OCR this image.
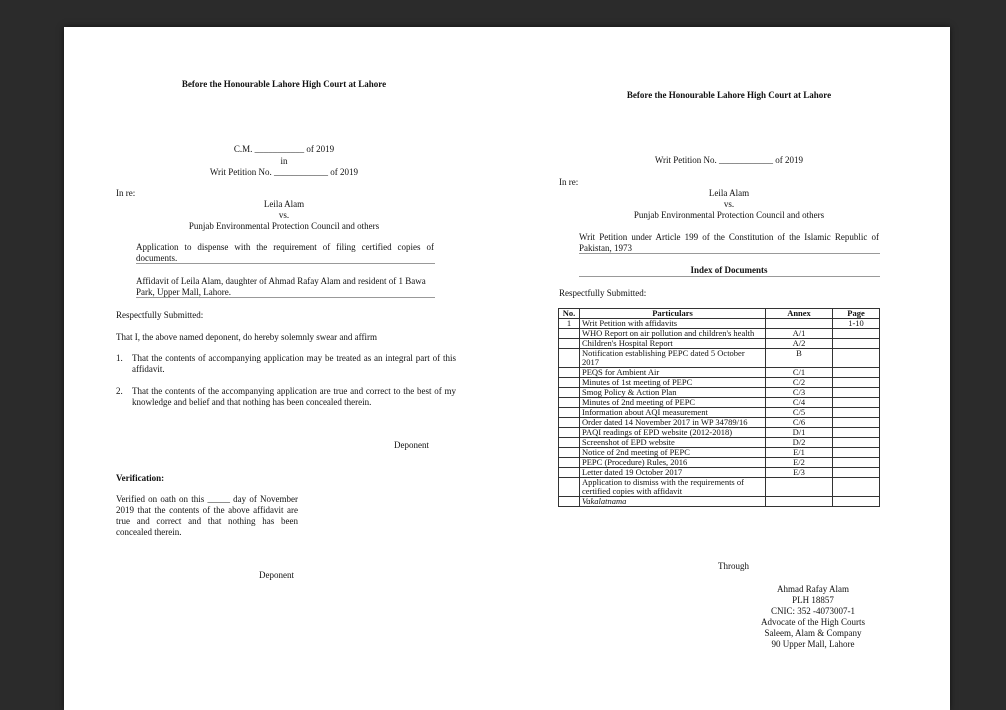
Before the Honourable Lahore High Court at Lahore
C.M. ___________ of 2019
in
Writ Petition No. ____________ of 2019
In re:
Leila Alam
vs.
Punjab Environmental Protection Council and others
Application to dispense with the requirement of filing certified copies of documents.
Affidavit of Leila Alam, daughter of Ahmad Rafay Alam and resident of 1 Bawa Park, Upper Mall, Lahore.
Respectfully Submitted:
That I, the above named deponent, do hereby solemnly swear and affirm
1. That the contents of accompanying application may be treated as an integral part of this affidavit.
2. That the contents of the accompanying application are true and correct to the best of my knowledge and belief and that nothing has been concealed therein.
Deponent
Verification:
Verified on oath on this _____ day of November 2019 that the contents of the above affidavit are true and correct and that nothing has been concealed therein.
Deponent
Before the Honourable Lahore High Court at Lahore
Writ Petition No. ____________ of 2019
In re:
Leila Alam
vs.
Punjab Environmental Protection Council and others
Writ Petition under Article 199 of the Constitution of the Islamic Republic of Pakistan, 1973
Index of Documents
Respectfully Submitted:
No.	Particulars	Annex	Page
1	Writ Petition with affidavits		1-10
	WHO Report on air pollution and children's health	A/1	
	Children's Hospital Report	A/2	
	Notification establishing PEPC dated 5 October 2017	B	
	PEQS for Ambient Air	C/1	
	Minutes of 1st meeting of PEPC	C/2	
	Smog Policy & Action Plan	C/3	
	Minutes of 2nd meeting of PEPC	C/4	
	Information about AQI measurement	C/5	
	Order dated 14 November 2017 in WP 34789/16	C/6	
	PAQI readings of EPD website (2012-2018)	D/1	
	Screenshot of EPD website	D/2	
	Notice of 2nd meeting of PEPC	E/1	
	PEPC (Procedure) Rules, 2016	E/2	
	Letter dated 19 October 2017	E/3	
	Application to dismiss with the requirements of certified copies with affidavit		
	Vakalatnama		
Through
Ahmad Rafay Alam
PLH 18857
CNIC: 352 -4073007-1
Advocate of the High Courts
Saleem, Alam & Company
90 Upper Mall, Lahore
